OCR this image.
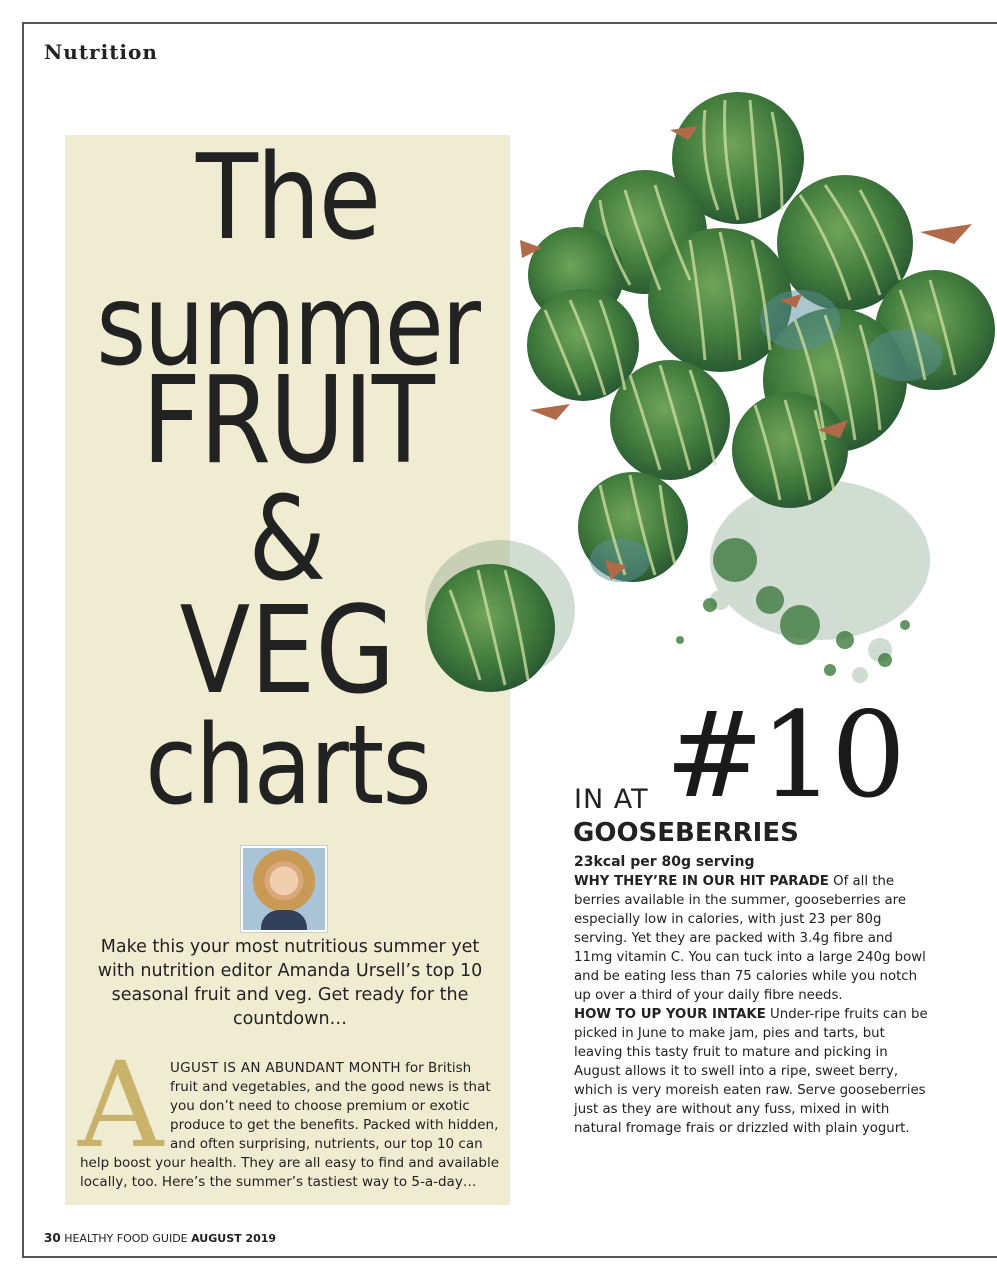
Nutrition
The
summer
FRUIT
&
VEG
charts
Make this your most nutritious summer yet with nutrition editor Amanda Ursell’s top 10 seasonal fruit and veg. Get ready for the countdown…
A UGUST IS AN ABUNDANT MONTH for British
fruit and vegetables, and the good news is that
you don’t need to choose premium or exotic
produce to get the benefits. Packed with hidden,
and often surprising, nutrients, our top 10 can
help boost your health. They are all easy to find and available
locally, too. Here’s the summer’s tastiest way to 5-a-day…
IN AT #10
GOOSEBERRIES
23kcal per 80g serving
WHY THEY’RE IN OUR HIT PARADE Of all the berries available in the summer, gooseberries are especially low in calories, with just 23 per 80g serving. Yet they are packed with 3.4g fibre and 11mg vitamin C. You can tuck into a large 240g bowl and be eating less than 75 calories while you notch up over a third of your daily fibre needs.
HOW TO UP YOUR INTAKE Under-ripe fruits can be picked in June to make jam, pies and tarts, but leaving this tasty fruit to mature and picking in August allows it to swell into a ripe, sweet berry, which is very moreish eaten raw. Serve gooseberries just as they are without any fuss, mixed in with natural fromage frais or drizzled with plain yogurt.
30 HEALTHY FOOD GUIDE AUGUST 2019
